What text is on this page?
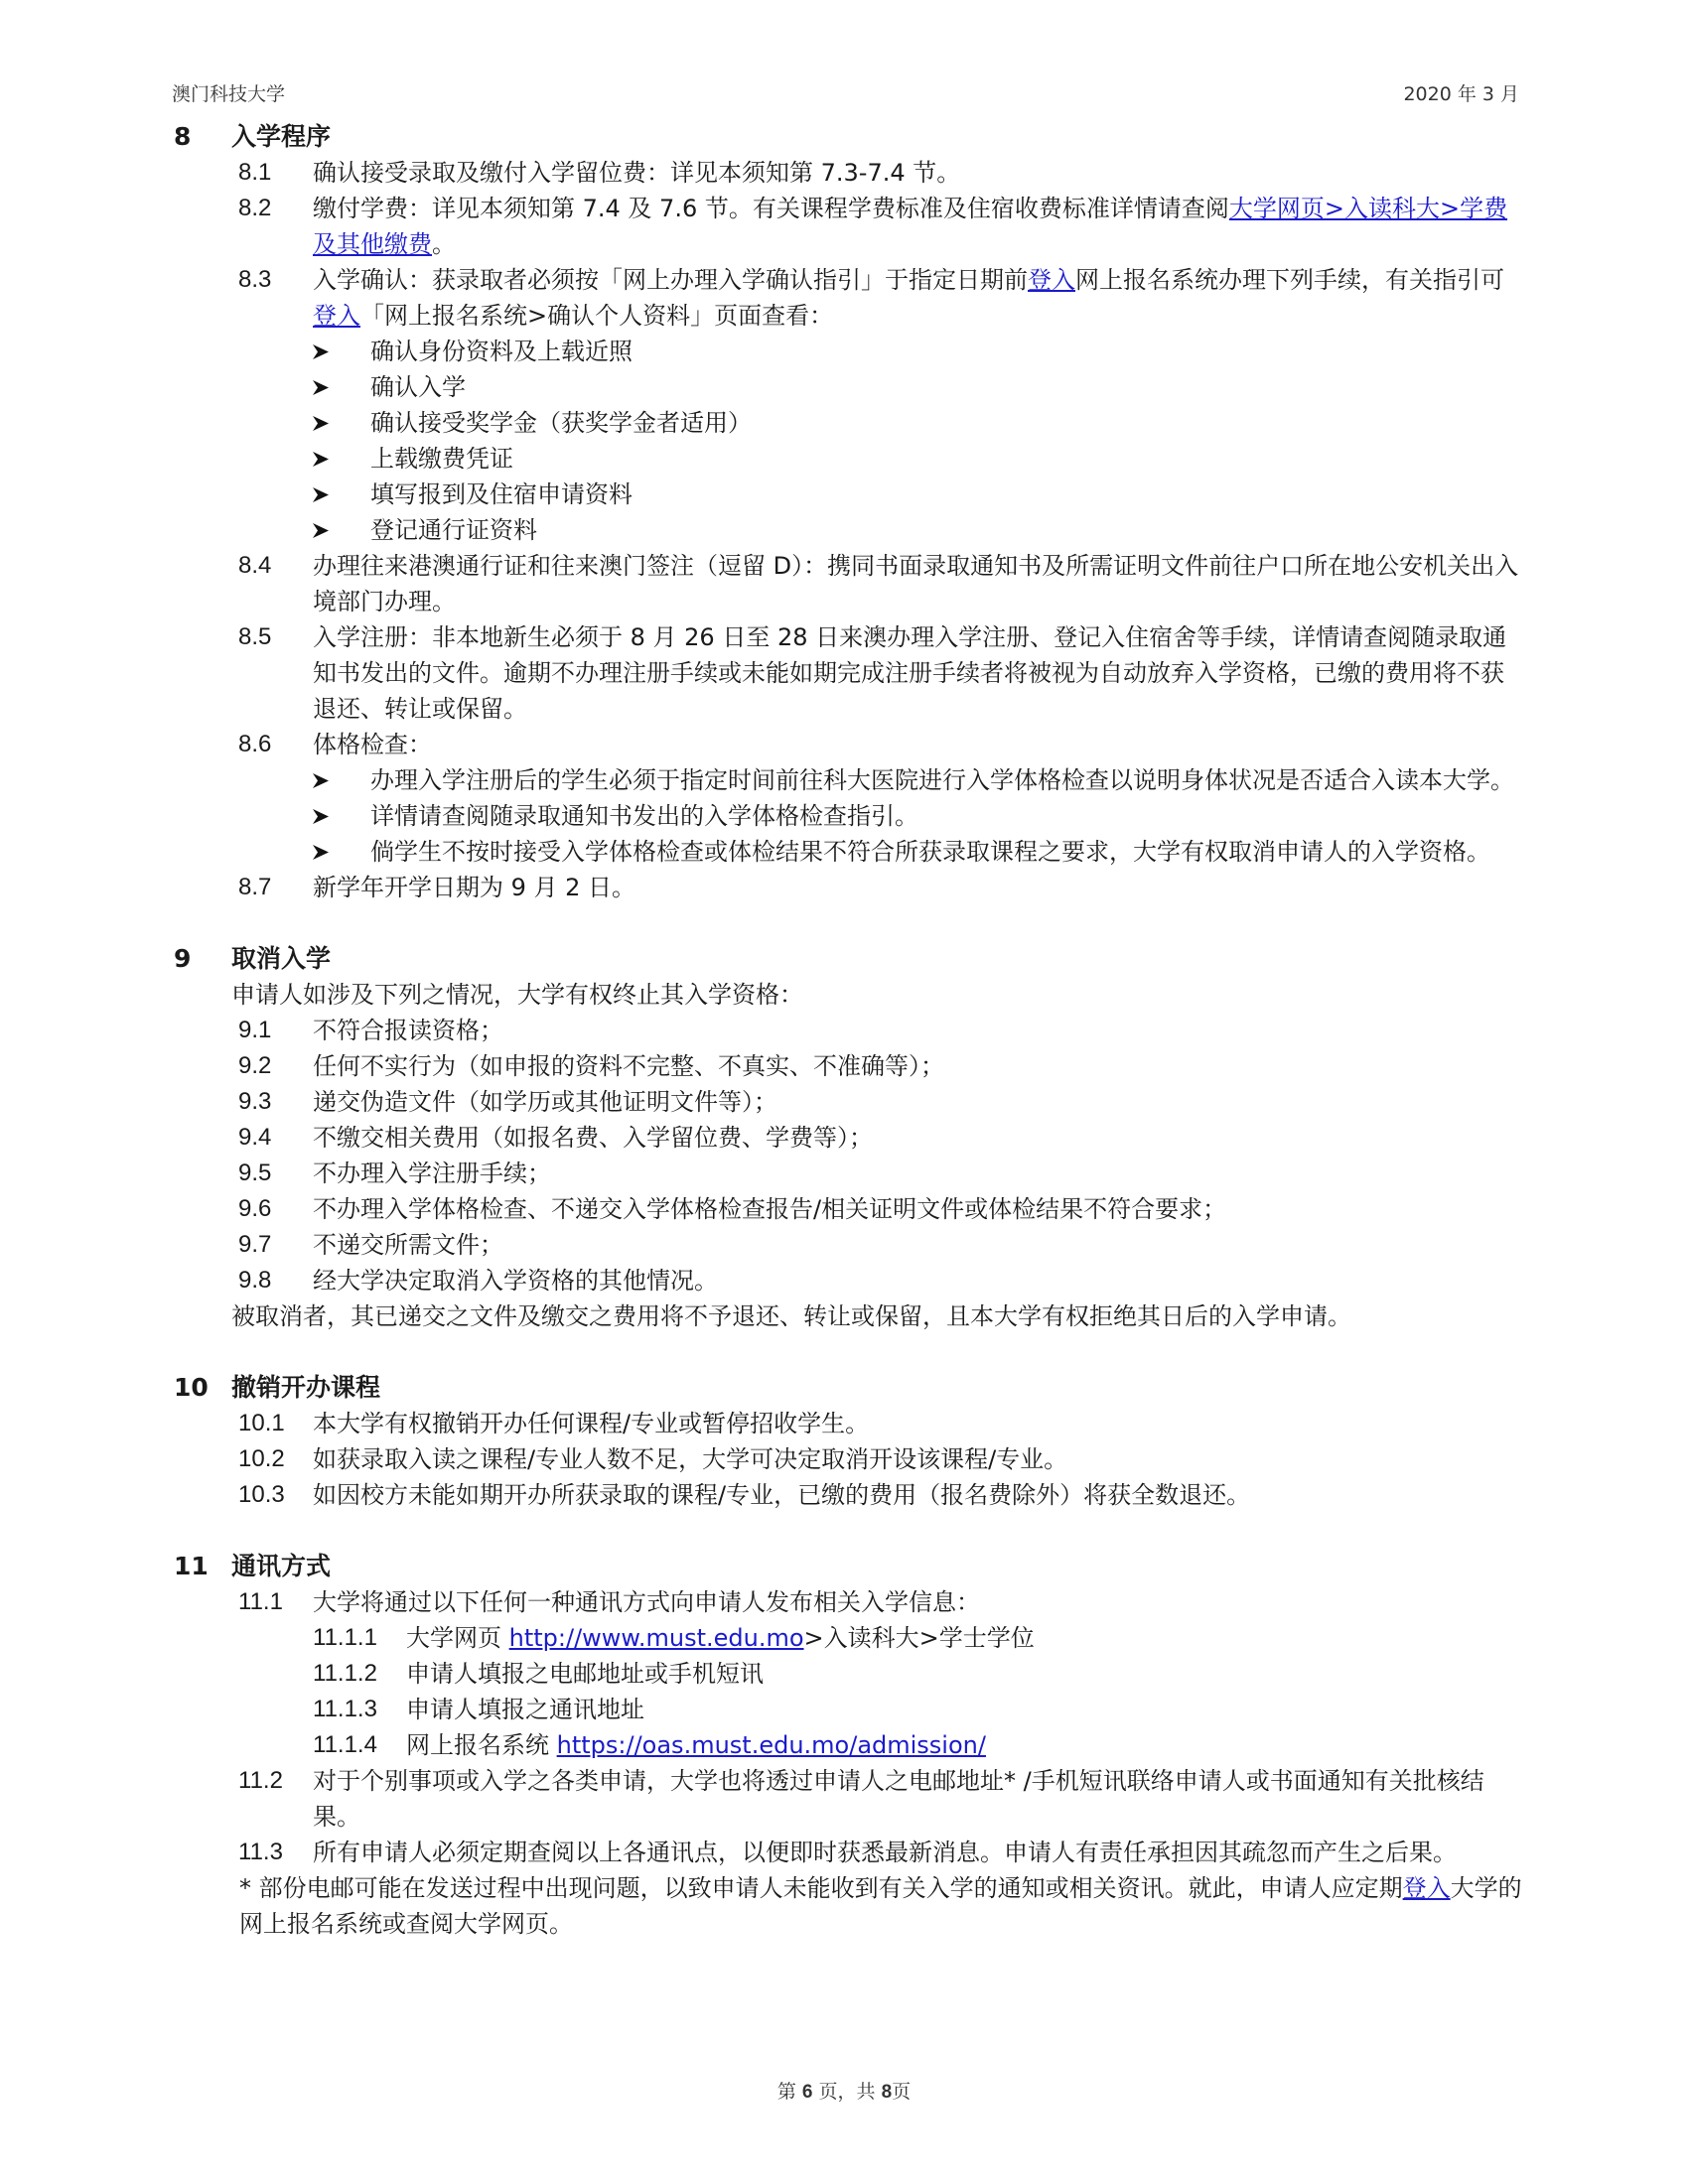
澳门科技大学	2020 年 3 月
8 入学程序
8.1 确认接受录取及缴付入学留位费：详见本须知第 7.3-7.4 节。
8.2 缴付学费：详见本须知第 7.4 及 7.6 节。有关课程学费标准及住宿收费标准详情请查阅大学网页>入读科大>学费及其他缴费。
8.3 入学确认：获录取者必须按「网上办理入学确认指引」于指定日期前登入网上报名系统办理下列手续，有关指引可登入「网上报名系统>确认个人资料」页面查看：
确认身份资料及上载近照
确认入学
确认接受奖学金（获奖学金者适用）
上载缴费凭证
填写报到及住宿申请资料
登记通行证资料
8.4 办理往来港澳通行证和往来澳门签注（逗留 D）：携同书面录取通知书及所需证明文件前往户口所在地公安机关出入境部门办理。
8.5 入学注册：非本地新生必须于 8 月 26 日至 28 日来澳办理入学注册、登记入住宿舍等手续，详情请查阅随录取通知书发出的文件。逾期不办理注册手续或未能如期完成注册手续者将被视为自动放弃入学资格，已缴的费用将不获退还、转让或保留。
8.6 体格检查：
办理入学注册后的学生必须于指定时间前往科大医院进行入学体格检查以说明身体状况是否适合入读本大学。
详情请查阅随录取通知书发出的入学体格检查指引。
倘学生不按时接受入学体格检查或体检结果不符合所获录取课程之要求，大学有权取消申请人的入学资格。
8.7 新学年开学日期为 9 月 2 日。
9 取消入学
申请人如涉及下列之情况，大学有权终止其入学资格：
9.1 不符合报读资格；
9.2 任何不实行为（如申报的资料不完整、不真实、不准确等）；
9.3 递交伪造文件（如学历或其他证明文件等）；
9.4 不缴交相关费用（如报名费、入学留位费、学费等）；
9.5 不办理入学注册手续；
9.6 不办理入学体格检查、不递交入学体格检查报告/相关证明文件或体检结果不符合要求；
9.7 不递交所需文件；
9.8 经大学决定取消入学资格的其他情况。
被取消者，其已递交之文件及缴交之费用将不予退还、转让或保留，且本大学有权拒绝其日后的入学申请。
10 撤销开办课程
10.1 本大学有权撤销开办任何课程/专业或暂停招收学生。
10.2 如获录取入读之课程/专业人数不足，大学可决定取消开设该课程/专业。
10.3 如因校方未能如期开办所获录取的课程/专业，已缴的费用（报名费除外）将获全数退还。
11 通讯方式
11.1 大学将通过以下任何一种通讯方式向申请人发布相关入学信息：
11.1.1 大学网页 http://www.must.edu.mo>入读科大>学士学位
11.1.2 申请人填报之电邮地址或手机短讯
11.1.3 申请人填报之通讯地址
11.1.4 网上报名系统 https://oas.must.edu.mo/admission/
11.2 对于个别事项或入学之各类申请，大学也将透过申请人之电邮地址* /手机短讯联络申请人或书面通知有关批核结果。
11.3 所有申请人必须定期查阅以上各通讯点，以便即时获悉最新消息。申请人有责任承担因其疏忽而产生之后果。
* 部份电邮可能在发送过程中出现问题，以致申请人未能收到有关入学的通知或相关资讯。就此，申请人应定期登入大学的网上报名系统或查阅大学网页。
第 6 页，共 8页
